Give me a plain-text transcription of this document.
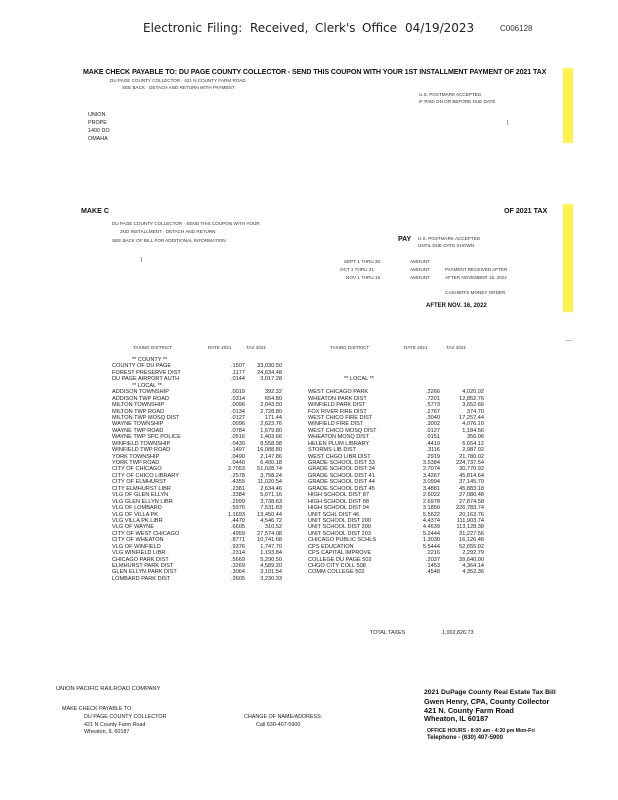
Electronic Filing: Received, Clerk's Office 04/19/2023	C006128
MAKE CHECK PAYABLE TO: DU PAGE COUNTY COLLECTOR - SEND THIS COUPON WITH YOUR 1ST INSTALLMENT PAYMENT OF 2021 TAX
DU PAGE COUNTY COLLECTOR · 421 N COUNTY FARM ROAD
SEE BACK · DETACH AND RETURN WITH PAYMENT
U.S. POSTMARK ACCEPTED
IF PAID ON OR BEFORE DUE DATE
UNION
PROPE
1400 DO
OMAHA
|
MAKE C	OF 2021 TAX
DU PAGE COUNTY COLLECTOR · SEND THIS COUPON WITH YOUR
2ND INSTALLMENT · DETACH AND RETURN
SEE BACK OF BILL FOR ADDITIONAL INFORMATION	PAY U.S. POSTMARK ACCEPTED
UNTIL DUE DATE SHOWN
|	SEPT 1 THRU 30
OCT 1 THRU 31
NOV 1 THRU 16
AMOUNT
AMOUNT
AMOUNT
PAYMENT RECEIVED AFTER
AFTER NOVEMBER 16, 2022
CASHIER'S MONEY ORDER
AFTER NOV. 16, 2022
TAXING DISTRICT	RATE 2021	TAX 2021	TAXING DISTRICT	RATE 2021	TAX 2021
** COUNTY **
COUNTY OF DU PAGE	.1507 33,030.50
FOREST PRESERVE DIST	.1177 24,634.48
DU PAGE AIRPORT AUTH	.0144	3,017.28
** LOCAL **
ADDISON TOWNSHIP	.0019	392.32
ADDISON TWP ROAD	.0314	654.80
MILTON TOWNSHIP	.0096	2,043.50
MILTON TWP ROAD	.0134	2,728.80
MILTON TWP MOSQ DIST	.0127	171.44
WAYNE TOWNSHIP	.0096	2,623.76
WAYNE TWP ROAD	.0784	1,679.80
WAYNE TWP SPC POLICE	.0516	1,403.66
WINFIELD TOWNSHIP	.0430	8,558.98
WINFIELD TWP ROAD	.1497 16,088.80
YORK TOWNSHIP	.0490	2,147.86
YORK TWP ROAD	.0440	6,400.18
CITY OF CHICAGO	2.7053 51,028.74
CITY OF CHICO LIBRARY	.2578	3,758.24
CITY OF ELMHURST	.4355 11,020.54
CITY ELMHURST LIBR	.2381	2,634.46
VLG OF GLEN ELLYN	.3384	5,071.16
VLG GLEN ELLYN LIBR	.2999	3,738.63
VLG OF LOMBARD	.5976	7,531.83
VLG OF VILLA PK	1.1693 13,450.44
VLG VILLA PK LIBR	.4470	4,546.72
VLG OF WAYNE	.6605	310.52
CITY OF WEST CHICAGO	.4959 27,574.08
CITY OF WHEATON	.8771 10,741.68
VLG OF WINFIELD	.9376	1,747.70
VLG WINFIELD LIBR	.2314	1,193.84
CHICAGO PARK DIST	.5669	5,290.50
ELMHURST PARK DIST	.3269	4,589.20
GLEN ELLYN PARK DIST	.3064	3,101.54
LOMBARD PARK DIST	.2605	3,230.33
** LOCAL **
WEST CHICAGO PARK	.3266	4,020.02
WHEATON PARK DIST	.7201	12,852.76
WINFIELD PARK DIST	.5773	3,652.66
FOX RIVER FIRE DIST	.2767	374.70
WEST CHICO FIRE DIST	.3040	17,257.44
WINFIELD FIRE DIST	.3002	4,076.10
WEST CHICO MOSQ DIST	.0127	1,184.56
WHEATON MOSQ DIST	.0151	356.06
HELEN PLUM LIBRARY	.4419	6,654.12
STORMS LIB DIST	.3116	2,987.02
WEST CHGO LIBR DIST	.2919	21,780.02
GRADE SCHOOL DIST 33	3.5384	224,737.54
GRADE SCHOOL DIST 34	2.7074	30,770.92
GRADE SCHOOL DIST 41	3.4267	45,814.64
GRADE SCHOOL DIST 44	3.0994	37,145.70
GRADE SCHOOL DIST 45	3.4881	45,883.18
HIGH SCHOOL DIST 87	2.6022	27,080.48
HIGH SCHOOL DIST 88	2.6978	27,874.58
HIGH SCHOOL DIST 94	3.1850	226,783.74
UNIT SCHL DIST 46	5.5622	20,163.76
UNIT SCHOOL DIST 200	4.4374	111,903.74
UNIT SCHOOL DIST 200	4.4639	113,128.38
UNIT SCHOOL DIST 203	5.2444	31,227.56
CHICAGO PUBLIC SCHLS	1.3030	16,126.48
CPS EDUCATION	5.5444	52,655.02
CPS CAPITAL IMPROVE	.2216	2,292.79
COLLEGE DU PAGE 502	.2037	39,640.00
CHGO CITY COLL 508	.1453	4,364.14
COMM COLLEGE 502	.4548	4,352.36
TOTAL TAXES	1,002,826.73
UNION PACIFIC RAILROAD COMPANY
MAKE CHECK PAYABLE TO:
DU PAGE COUNTY COLLECTOR
421 N County Farm Road
Wheaton, IL 60187
CHANGE OF NAME/ADDRESS:
Call 630-407-5900
2021 DuPage County Real Estate Tax Bill
Gwen Henry, CPA, County Collector
421 N. County Farm Road
Wheaton, IL 60187
OFFICE HOURS - 8:00 am - 4:30 pm Mon-Fri
Telephone - (630) 407-5900
